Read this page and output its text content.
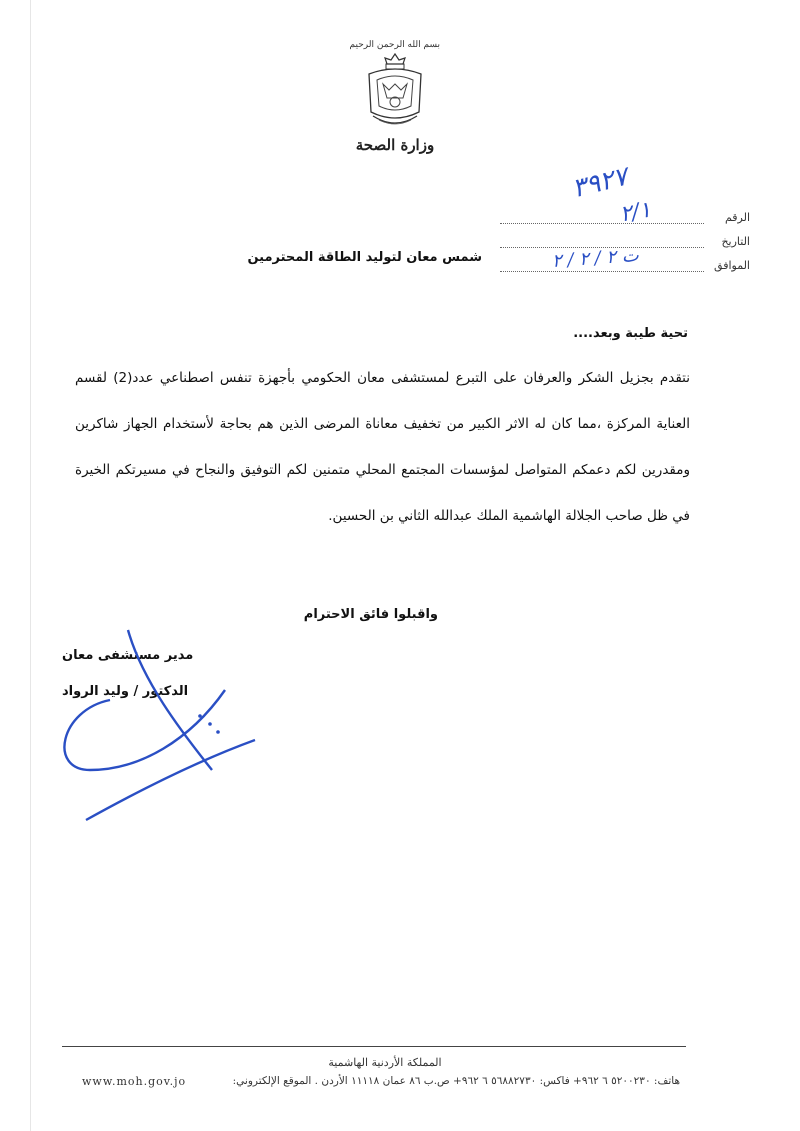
بسم الله الرحمن الرحيم
وزارة الصحة
الرقم
التاريخ
الموافق
٣٩٢٧
٢/١
ت ٢ / ٢ / ٢
شمس معان لتوليد الطاقة المحترمين
تحية طيبة وبعد....

نتقدم بجزيل الشكر والعرفان على التبرع لمستشفى معان الحكومي بأجهزة تنفس اصطناعي عدد(2) لقسم العناية المركزة ،مما كان له الاثر الكبير من تخفيف معاناة المرضى الذين هم بحاجة لأستخدام الجهاز شاكرين ومقدرين لكم دعمكم المتواصل لمؤسسات المجتمع المحلي متمنين لكم التوفيق والنجاح في مسيرتكم الخيرة في ظل صاحب الجلالة الهاشمية الملك عبدالله الثاني بن الحسين.

واقبلوا فائق الاحترام
مدير مستشفى معان
الدكتور / وليد الرواد
المملكة الأردنية الهاشمية
هاتف: ٥٢٠٠٢٣٠ ٦ ٩٦٢+ فاكس: ٥٦٨٨٢٧٣٠ ٦ ٩٦٢+ ص.ب ٨٦ عمان ١١١١٨ الأردن . الموقع الإلكتروني:
www.moh.gov.jo
